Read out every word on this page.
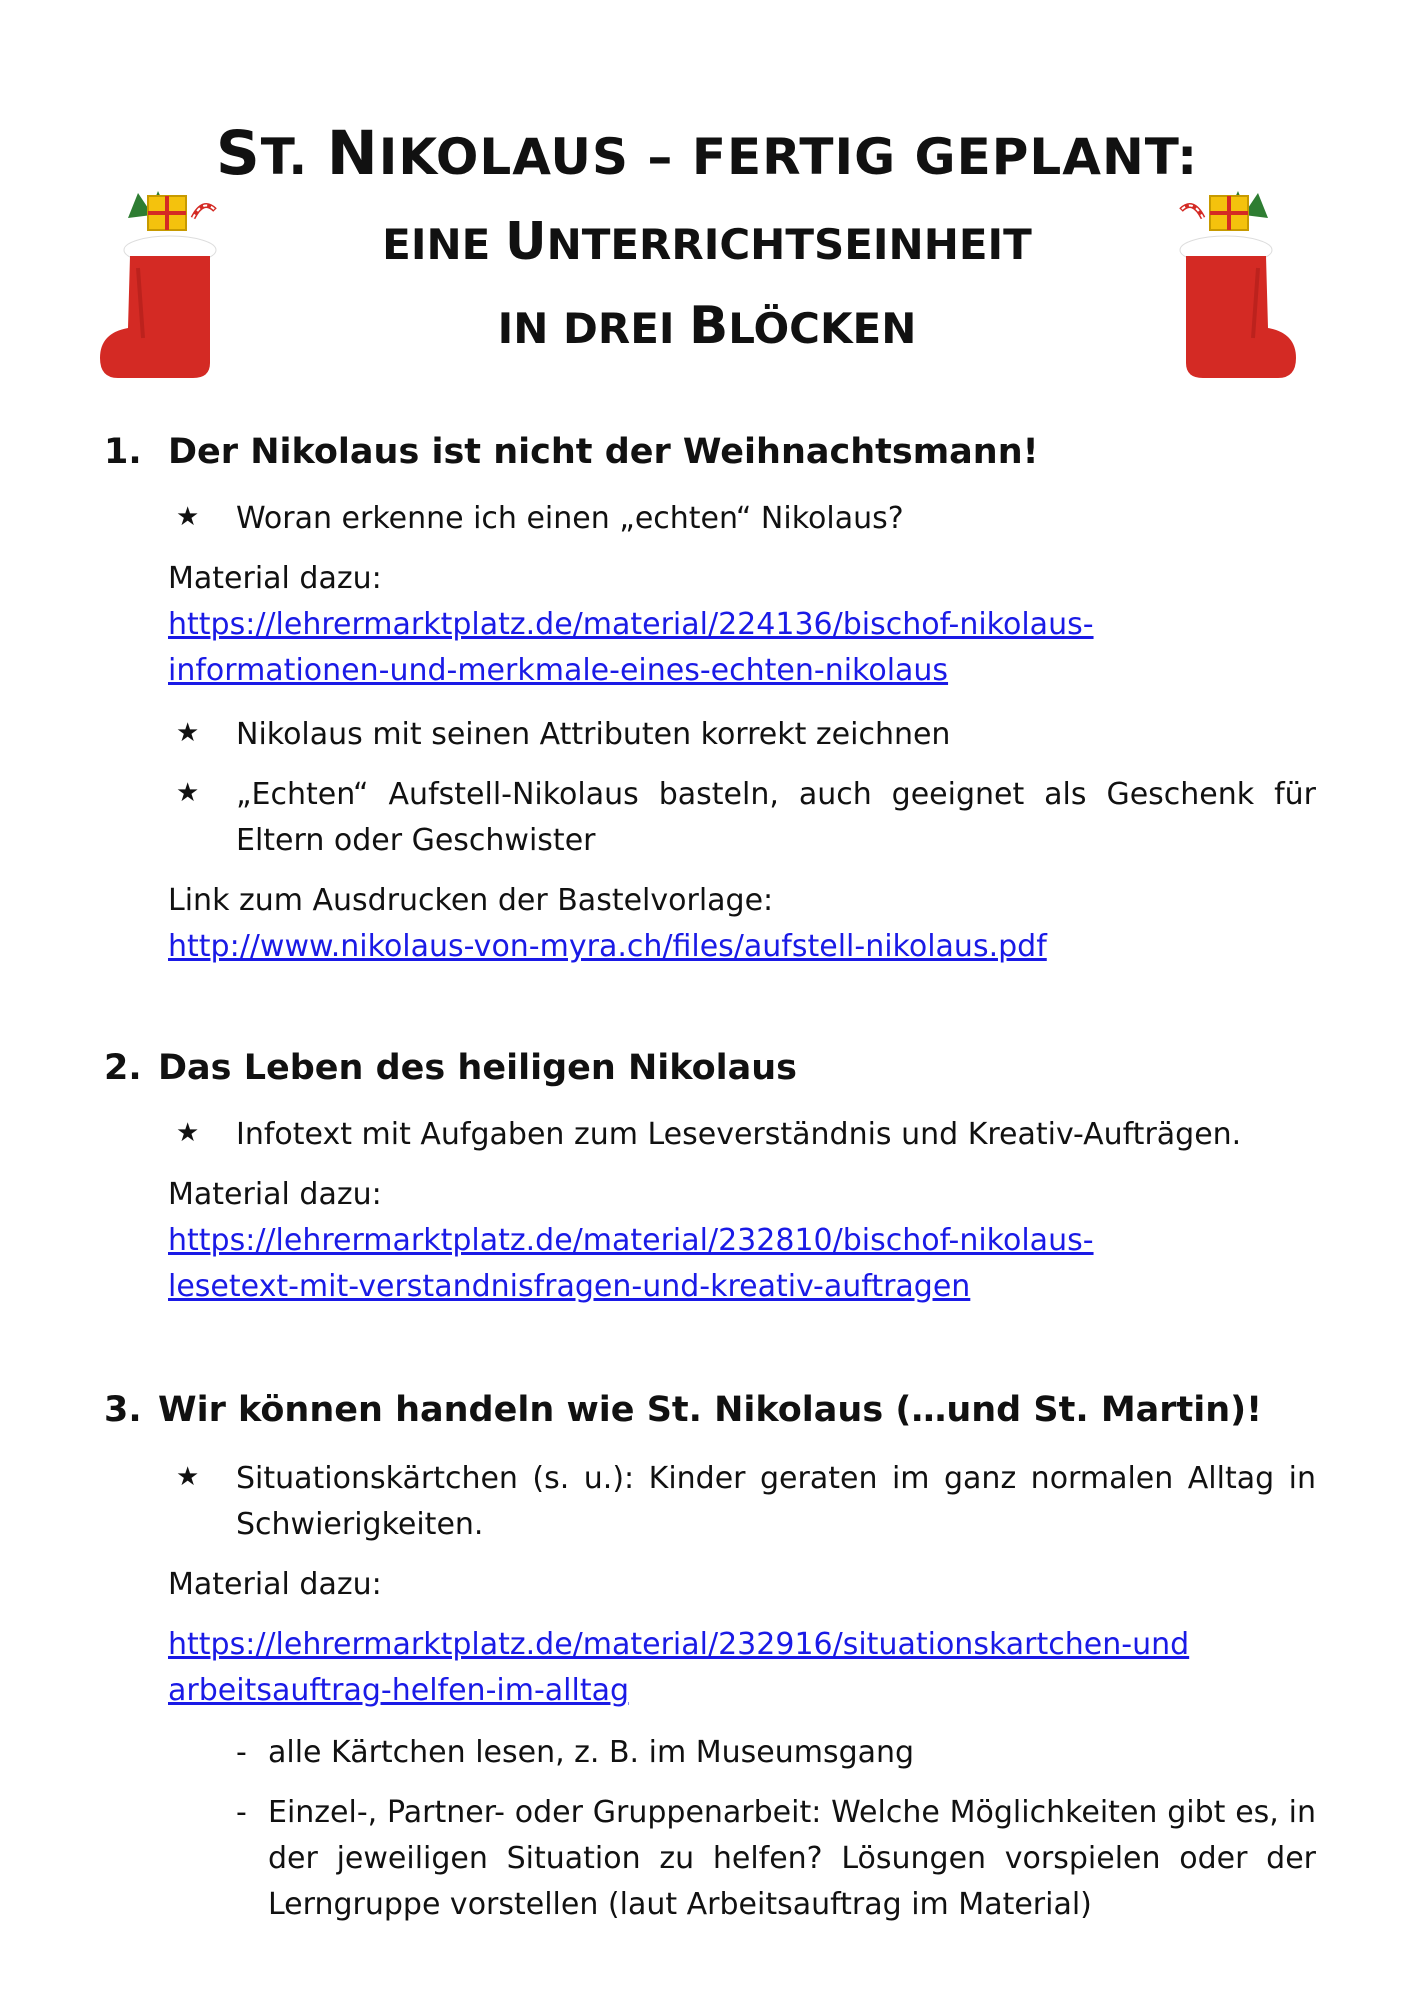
ST. NIKOLAUS – FERTIG GEPLANT:
EINE UNTERRICHTSEINHEIT
IN DREI BLÖCKEN
1. Der Nikolaus ist nicht der Weihnachtsmann!
★ Woran erkenne ich einen „echten“ Nikolaus?
Material dazu:
https://lehrermarktplatz.de/material/224136/bischof-nikolaus-
informationen-und-merkmale-eines-echten-nikolaus
★ Nikolaus mit seinen Attributen korrekt zeichnen
★ „Echten“ Aufstell-Nikolaus basteln, auch geeignet als Geschenk für Eltern oder Geschwister
Link zum Ausdrucken der Bastelvorlage:
http://www.nikolaus-von-myra.ch/files/aufstell-nikolaus.pdf
2. Das Leben des heiligen Nikolaus
★ Infotext mit Aufgaben zum Leseverständnis und Kreativ-Aufträgen.
Material dazu:
https://lehrermarktplatz.de/material/232810/bischof-nikolaus-
lesetext-mit-verstandnisfragen-und-kreativ-auftragen
3. Wir können handeln wie St. Nikolaus (…und St. Martin)!
★ Situationskärtchen (s. u.): Kinder geraten im ganz normalen Alltag in Schwierigkeiten.
Material dazu:
https://lehrermarktplatz.de/material/232916/situationskartchen-und
arbeitsauftrag-helfen-im-alltag
- alle Kärtchen lesen, z. B. im Museumsgang
- Einzel-, Partner- oder Gruppenarbeit: Welche Möglichkeiten gibt es, in der jeweiligen Situation zu helfen? Lösungen vorspielen oder der Lerngruppe vorstellen (laut Arbeitsauftrag im Material)
